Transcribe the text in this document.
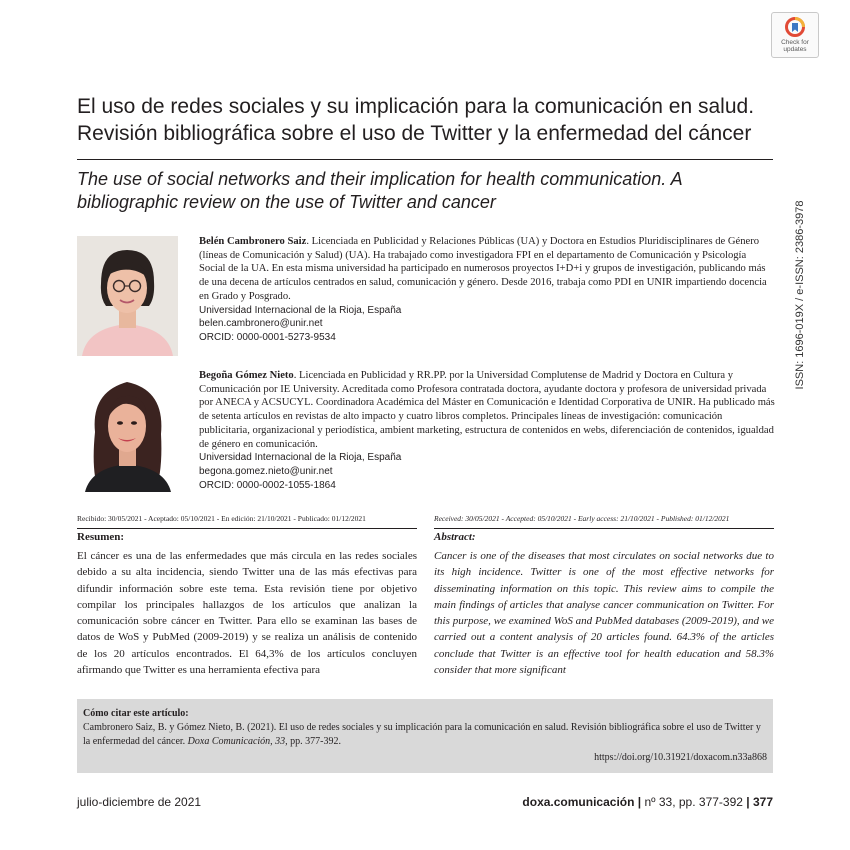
Check for
updates
El uso de redes sociales y su implicación para la comunicación en salud.
Revisión bibliográfica sobre el uso de Twitter y la enfermedad del cáncer
The use of social networks and their implication for health communication. A
bibliographic review on the use of Twitter and cancer	ISSN: 1696-019X / e-ISSN: 2386-3978

Belén Cambronero Saiz. Licenciada en Publicidad y Relaciones Públicas (UA) y Doctora en Estudios Pluridisciplinares de Género (líneas de Comunicación y Salud) (UA). Ha trabajado como investigadora FPI en el departamento de Comunicación y Psicología Social de la UA. En esta misma universidad ha participado en numerosos proyectos I+D+i y grupos de investigación, publicando más de una decena de artículos centrados en salud, comunicación y género. Desde 2016, trabaja como PDI en UNIR impartiendo docencia en Grado y Posgrado.

Universidad Internacional de la Rioja, España
belen.cambronero@unir.net
ORCID: 0000-0001-5273-9534

Begoña Gómez Nieto. Licenciada en Publicidad y RR.PP. por la Universidad Complutense de Madrid y Doctora en Cultura y Comunicación por IE University. Acreditada como Profesora contratada doctora, ayudante doctora y profesora de universidad privada por ANECA y ACSUCYL. Coordinadora Académica del Máster en Comunicación e Identidad Corporativa de UNIR. Ha publicado más de setenta artículos en revistas de alto impacto y cuatro libros completos. Principales líneas de investigación: comunicación publicitaria, organizacional y periodística, ambient marketing, estructura de contenidos en webs, diferenciación de contenidos, igualdad de género en comunicación.

Universidad Internacional de la Rioja, España
begona.gomez.nieto@unir.net
ORCID: 0000-0002-1055-1864
Recibido: 30/05/2021 - Aceptado: 05/10/2021 - En edición: 21/10/2021 - Publicado: 01/12/2021	Received: 30/05/2021 - Accepted: 05/10/2021 - Early access: 21/10/2021 - Published: 01/12/2021
Resumen:	Abstract:

El cáncer es una de las enfermedades que más circula en las redes sociales debido a su alta incidencia, siendo Twitter una de las más efectivas para difundir información sobre este tema. Esta revisión tiene por objetivo compilar los principales hallazgos de los artículos que analizan la comunicación sobre cáncer en Twitter. Para ello se examinan las bases de datos de WoS y PubMed (2009-2019) y se realiza un análisis de contenido de los 20 artículos encontrados. El 64,3% de los artículos concluyen afirmando que Twitter es una herramienta efectiva para

Cancer is one of the diseases that most circulates on social networks due to its high incidence. Twitter is one of the most effective networks for disseminating information on this topic. This review aims to compile the main findings of articles that analyse cancer communication on Twitter. For this purpose, we examined WoS and PubMed databases (2009-2019), and we carried out a content analysis of 20 articles found. 64.3% of the articles conclude that Twitter is an effective tool for health education and 58.3% consider that more significant

Cómo citar este artículo:

Cambronero Saiz, B. y Gómez Nieto, B. (2021). El uso de redes sociales y su implicación para la comunicación en salud. Revisión bibliográfica sobre el uso de Twitter y la enfermedad del cáncer. Doxa Comunicación, 33, pp. 377-392.

https://doi.org/10.31921/doxacom.n33a868
julio-diciembre de 2021	doxa.comunicación | nº 33, pp. 377-392 | 377
